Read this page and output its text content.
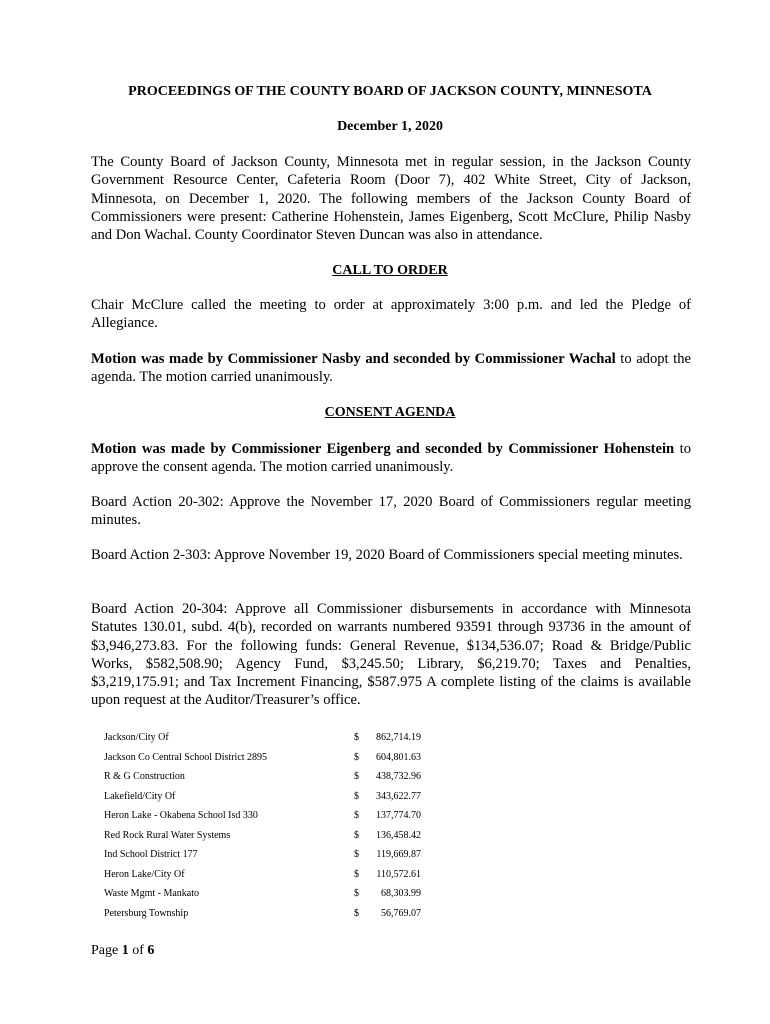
PROCEEDINGS OF THE COUNTY BOARD OF JACKSON COUNTY, MINNESOTA
December 1, 2020
The County Board of Jackson County, Minnesota met in regular session, in the Jackson County Government Resource Center, Cafeteria Room (Door 7), 402 White Street, City of Jackson, Minnesota, on December 1, 2020. The following members of the Jackson County Board of Commissioners were present: Catherine Hohenstein, James Eigenberg, Scott McClure, Philip Nasby and Don Wachal. County Coordinator Steven Duncan was also in attendance.
CALL TO ORDER
Chair McClure called the meeting to order at approximately 3:00 p.m. and led the Pledge of Allegiance.
Motion was made by Commissioner Nasby and seconded by Commissioner Wachal to adopt the agenda. The motion carried unanimously.
CONSENT AGENDA
Motion was made by Commissioner Eigenberg and seconded by Commissioner Hohenstein to approve the consent agenda. The motion carried unanimously.
Board Action 20-302: Approve the November 17, 2020 Board of Commissioners regular meeting minutes.
Board Action 2-303: Approve November 19, 2020 Board of Commissioners special meeting minutes.
Board Action 20-304: Approve all Commissioner disbursements in accordance with Minnesota Statutes 130.01, subd. 4(b), recorded on warrants numbered 93591 through 93736 in the amount of $3,946,273.83. For the following funds: General Revenue, $134,536.07; Road & Bridge/Public Works, $582,508.90; Agency Fund, $3,245.50; Library, $6,219.70; Taxes and Penalties, $3,219,175.91; and Tax Increment Financing, $587.975 A complete listing of the claims is available upon request at the Auditor/Treasurer’s office.
Jackson/City Of	$ 862,714.19
Jackson Co Central School District 2895	$ 604,801.63
R & G Construction	$ 438,732.96
Lakefield/City Of	$ 343,622.77
Heron Lake - Okabena School Isd 330	$ 137,774.70
Red Rock Rural Water Systems	$ 136,458.42
Ind School District 177	$ 119,669.87
Heron Lake/City Of	$ 110,572.61
Waste Mgmt - Mankato	$ 68,303.99
Petersburg Township	$ 56,769.07
Page 1 of 6
